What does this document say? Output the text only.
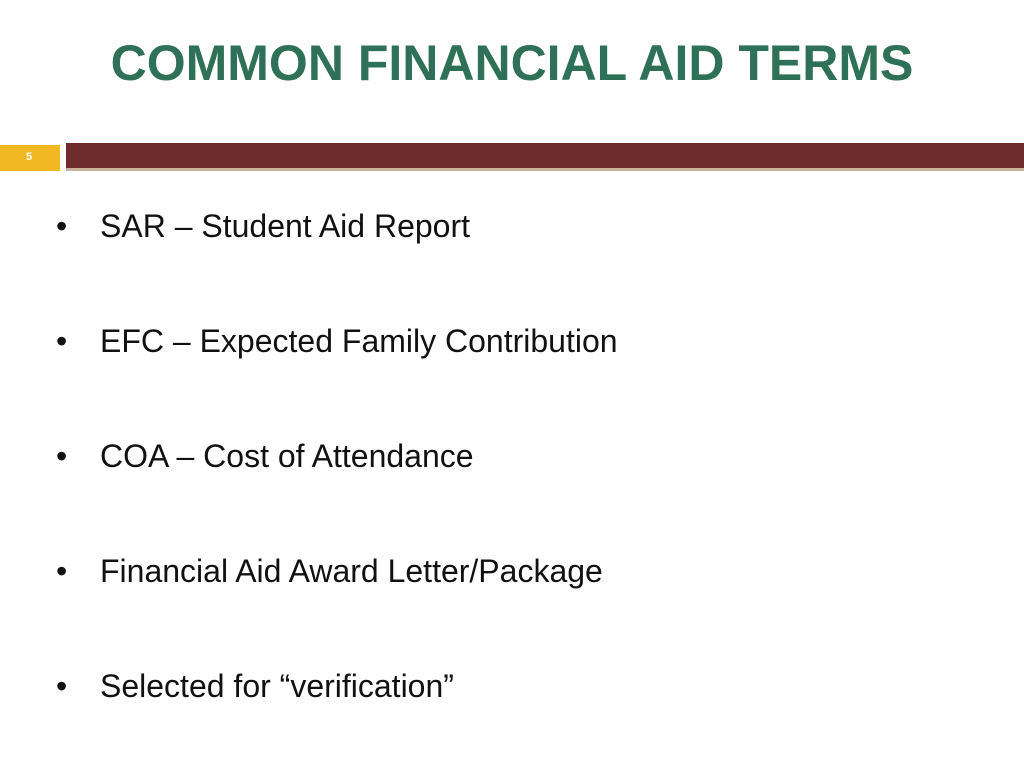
COMMON FINANCIAL AID TERMS
5
• SAR – Student Aid Report
• EFC – Expected Family Contribution
• COA – Cost of Attendance
• Financial Aid Award Letter/Package
• Selected for “verification”
